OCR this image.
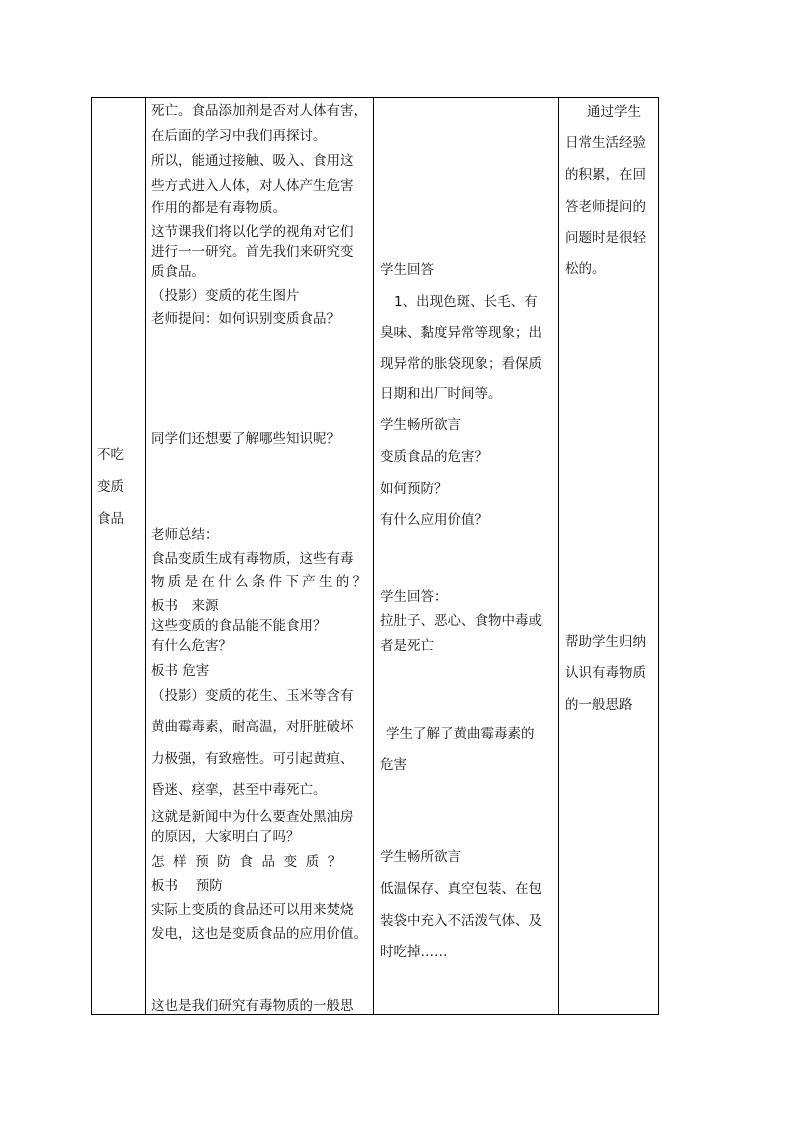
不吃
变质
食品
死亡。食品添加剂是否对人体有害，
在后面的学习中我们再探讨。
所以，能通过接触、吸入、食用这
些方式进入人体，对人体产生危害
作用的都是有毒物质。
这节课我们将以化学的视角对它们
进行一一研究。首先我们来研究变
质食品。
（投影）变质的花生图片
老师提问：如何识别变质食品？
同学们还想要了解哪些知识呢？
老师总结：
食品变质生成有毒物质，这些有毒
物质是在什么条件下产生的？
板书　来源
这些变质的食品能不能食用？
有什么危害？
板书 危害
（投影）变质的花生、玉米等含有
黄曲霉毒素，耐高温，对肝脏破坏
力极强，有致癌性。可引起黄疸、
昏迷、痉挛，甚至中毒死亡。
这就是新闻中为什么要查处黑油房
的原因，大家明白了吗？
怎样预防食品变质？
板书　 预防
实际上变质的食品还可以用来焚烧
发电，这也是变质食品的应用价值。
这也是我们研究有毒物质的一般思
学生回答
1、出现色斑、长毛、有
臭味、黏度异常等现象；出
现异常的胀袋现象；看保质
日期和出厂时间等。
学生畅所欲言
变质食品的危害？
如何预防？
有什么应用价值？
学生回答：
拉肚子、恶心、食物中毒或
者是死亡
学生了解了黄曲霉毒素的
危害
学生畅所欲言
低温保存、真空包装、在包
装袋中充入不活泼气体、及
时吃掉……
通过学生
日常生活经验
的积累，在回
答老师提问的
问题时是很轻
松的。
帮助学生归纳
认识有毒物质
的一般思路
